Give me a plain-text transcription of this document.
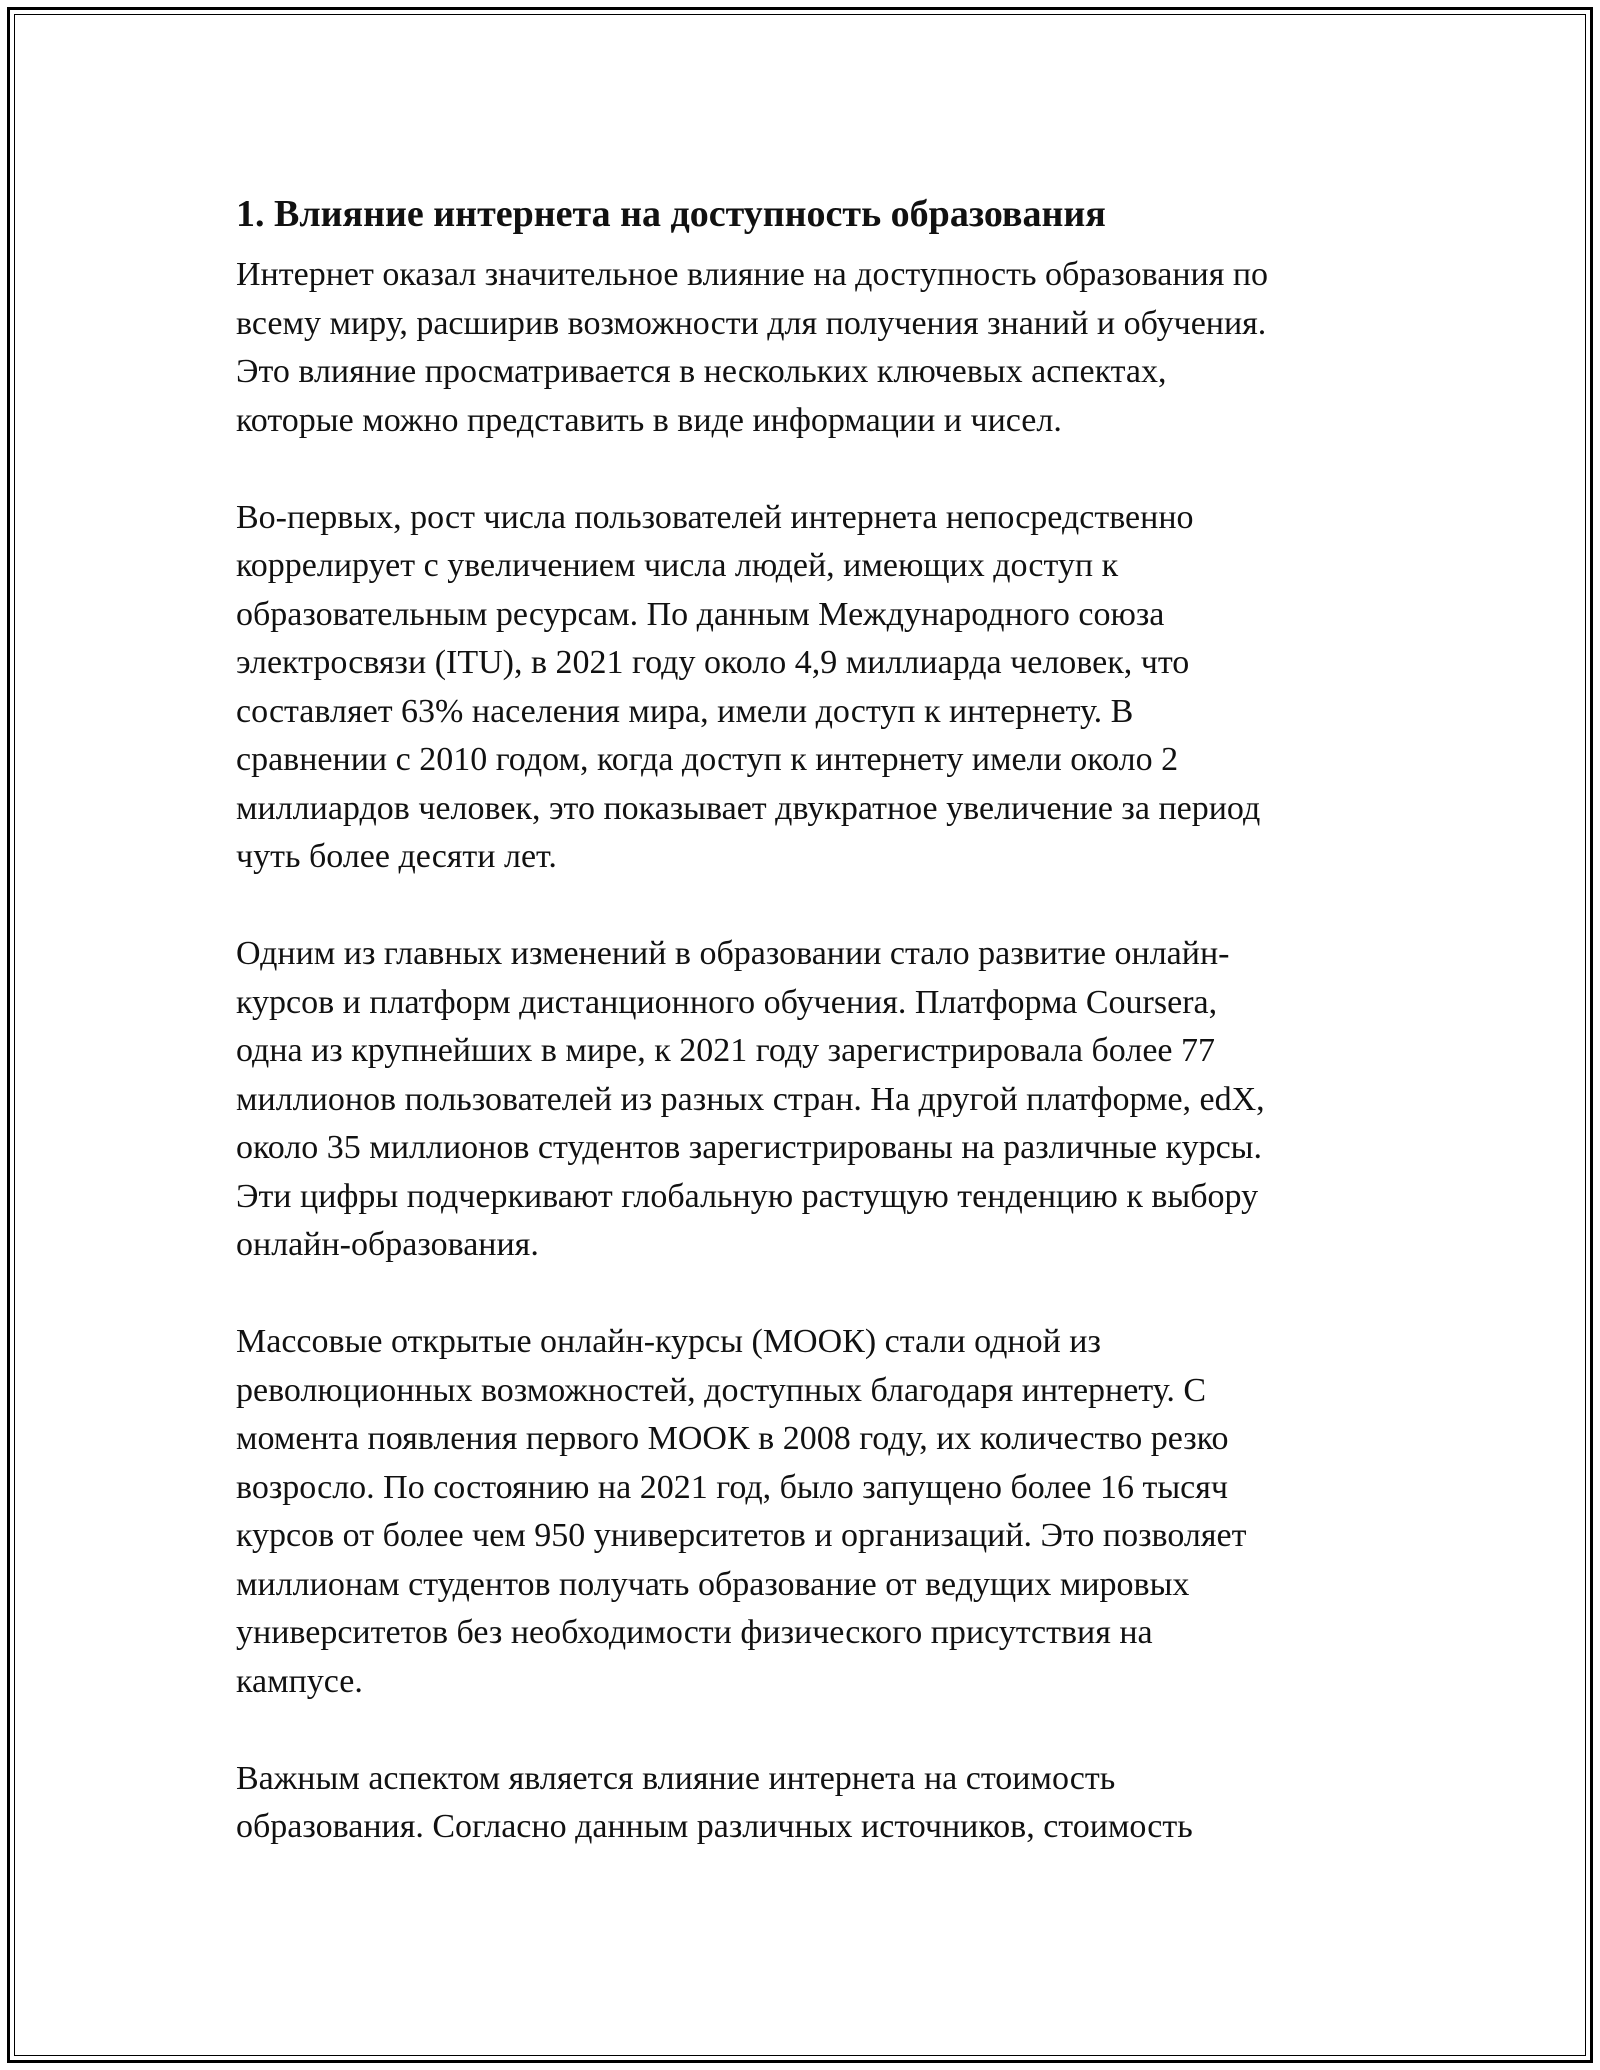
1. Влияние интернета на доступность образования
Интернет оказал значительное влияние на доступность образования по
всему миру, расширив возможности для получения знаний и обучения.
Это влияние просматривается в нескольких ключевых аспектах,
которые можно представить в виде информации и чисел.
Во-первых, рост числа пользователей интернета непосредственно
коррелирует с увеличением числа людей, имеющих доступ к
образовательным ресурсам. По данным Международного союза
электросвязи (ITU), в 2021 году около 4,9 миллиарда человек, что
составляет 63% населения мира, имели доступ к интернету. В
сравнении с 2010 годом, когда доступ к интернету имели около 2
миллиардов человек, это показывает двукратное увеличение за период
чуть более десяти лет.
Одним из главных изменений в образовании стало развитие онлайн-
курсов и платформ дистанционного обучения. Платформа Coursera,
одна из крупнейших в мире, к 2021 году зарегистрировала более 77
миллионов пользователей из разных стран. На другой платформе, edX,
около 35 миллионов студентов зарегистрированы на различные курсы.
Эти цифры подчеркивают глобальную растущую тенденцию к выбору
онлайн-образования.
Массовые открытые онлайн-курсы (МООК) стали одной из
революционных возможностей, доступных благодаря интернету. С
момента появления первого МООК в 2008 году, их количество резко
возросло. По состоянию на 2021 год, было запущено более 16 тысяч
курсов от более чем 950 университетов и организаций. Это позволяет
миллионам студентов получать образование от ведущих мировых
университетов без необходимости физического присутствия на
кампусе.
Важным аспектом является влияние интернета на стоимость
образования. Согласно данным различных источников, стоимость
